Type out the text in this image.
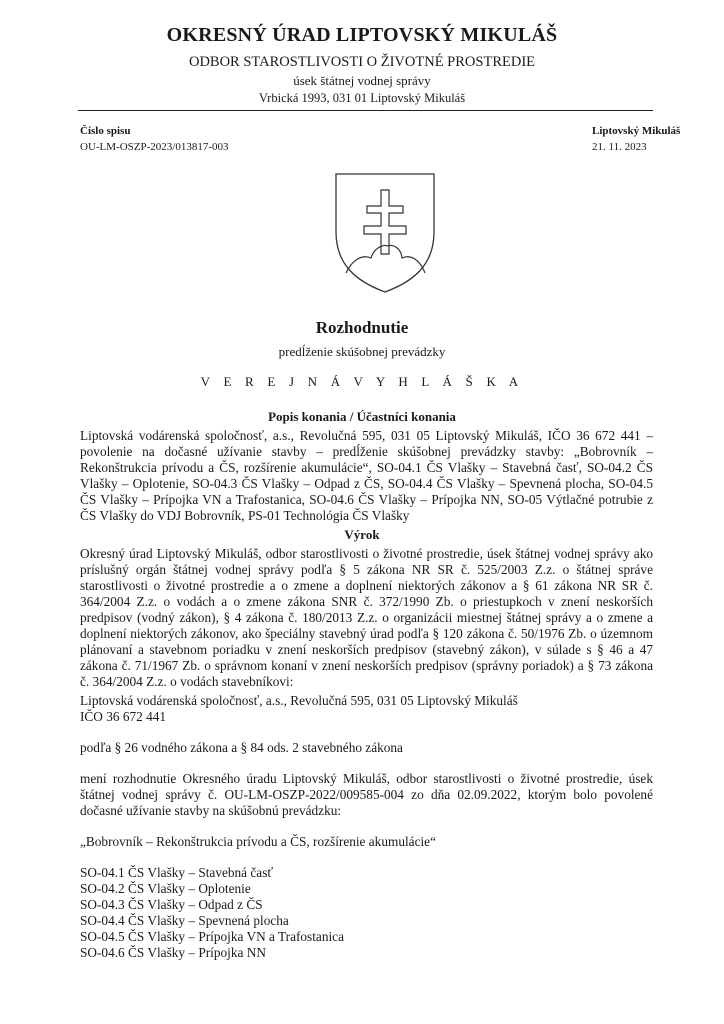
OKRESNÝ ÚRAD LIPTOVSKÝ MIKULÁŠ
ODBOR STAROSTLIVOSTI O ŽIVOTNÉ PROSTREDIE
úsek štátnej vodnej správy
Vrbická 1993, 031 01 Liptovský Mikuláš
Číslo spisu
OU-LM-OSZP-2023/013817-003
Liptovský Mikuláš
21. 11. 2023
Rozhodnutie
predĺženie skúšobnej prevádzky
V E R E J N Á V Y H L Á Š K A
Popis konania / Účastníci konania
Liptovská vodárenská spoločnosť, a.s., Revolučná 595, 031 05 Liptovský Mikuláš, IČO 36 672 441 – povolenie na dočasné užívanie stavby – predĺženie skúšobnej prevádzky stavby: „Bobrovník – Rekonštrukcia prívodu a ČS, rozšírenie akumulácie“, SO-04.1 ČS Vlašky – Stavebná časť, SO-04.2 ČS Vlašky – Oplotenie, SO-04.3 ČS Vlašky – Odpad z ČS, SO-04.4 ČS Vlašky – Spevnená plocha, SO-04.5 ČS Vlašky – Prípojka VN a Trafostanica, SO-04.6 ČS Vlašky – Prípojka NN, SO-05 Výtlačné potrubie z ČS Vlašky do VDJ Bobrovník, PS-01 Technológia ČS Vlašky
Výrok
Okresný úrad Liptovský Mikuláš, odbor starostlivosti o životné prostredie, úsek štátnej vodnej správy ako príslušný orgán štátnej vodnej správy podľa § 5 zákona NR SR č. 525/2003 Z.z. o štátnej správe starostlivosti o životné prostredie a o zmene a doplnení niektorých zákonov a § 61 zákona NR SR č. 364/2004 Z.z. o vodách a o zmene zákona SNR č. 372/1990 Zb. o priestupkoch v znení neskorších predpisov (vodný zákon), § 4 zákona č. 180/2013 Z.z. o organizácii miestnej štátnej správy a o zmene a doplnení niektorých zákonov, ako špeciálny stavebný úrad podľa § 120 zákona č. 50/1976 Zb. o územnom plánovaní a stavebnom poriadku v znení neskorších predpisov (stavebný zákon), v súlade s § 46 a 47 zákona č. 71/1967 Zb. o správnom konaní v znení neskorších predpisov (správny poriadok) a § 73 zákona č. 364/2004 Z.z. o vodách stavebníkovi:
Liptovská vodárenská spoločnosť, a.s., Revolučná 595, 031 05 Liptovský Mikuláš
IČO 36 672 441
podľa § 26 vodného zákona a § 84 ods. 2 stavebného zákona
mení rozhodnutie Okresného úradu Liptovský Mikuláš, odbor starostlivosti o životné prostredie, úsek štátnej vodnej správy č. OU-LM-OSZP-2022/009585-004 zo dňa 02.09.2022, ktorým bolo povolené dočasné užívanie stavby na skúšobnú prevádzku:
„Bobrovník – Rekonštrukcia prívodu a ČS, rozšírenie akumulácie“
SO-04.1 ČS Vlašky – Stavebná časť
SO-04.2 ČS Vlašky – Oplotenie
SO-04.3 ČS Vlašky – Odpad z ČS
SO-04.4 ČS Vlašky – Spevnená plocha
SO-04.5 ČS Vlašky – Prípojka VN a Trafostanica
SO-04.6 ČS Vlašky – Prípojka NN
